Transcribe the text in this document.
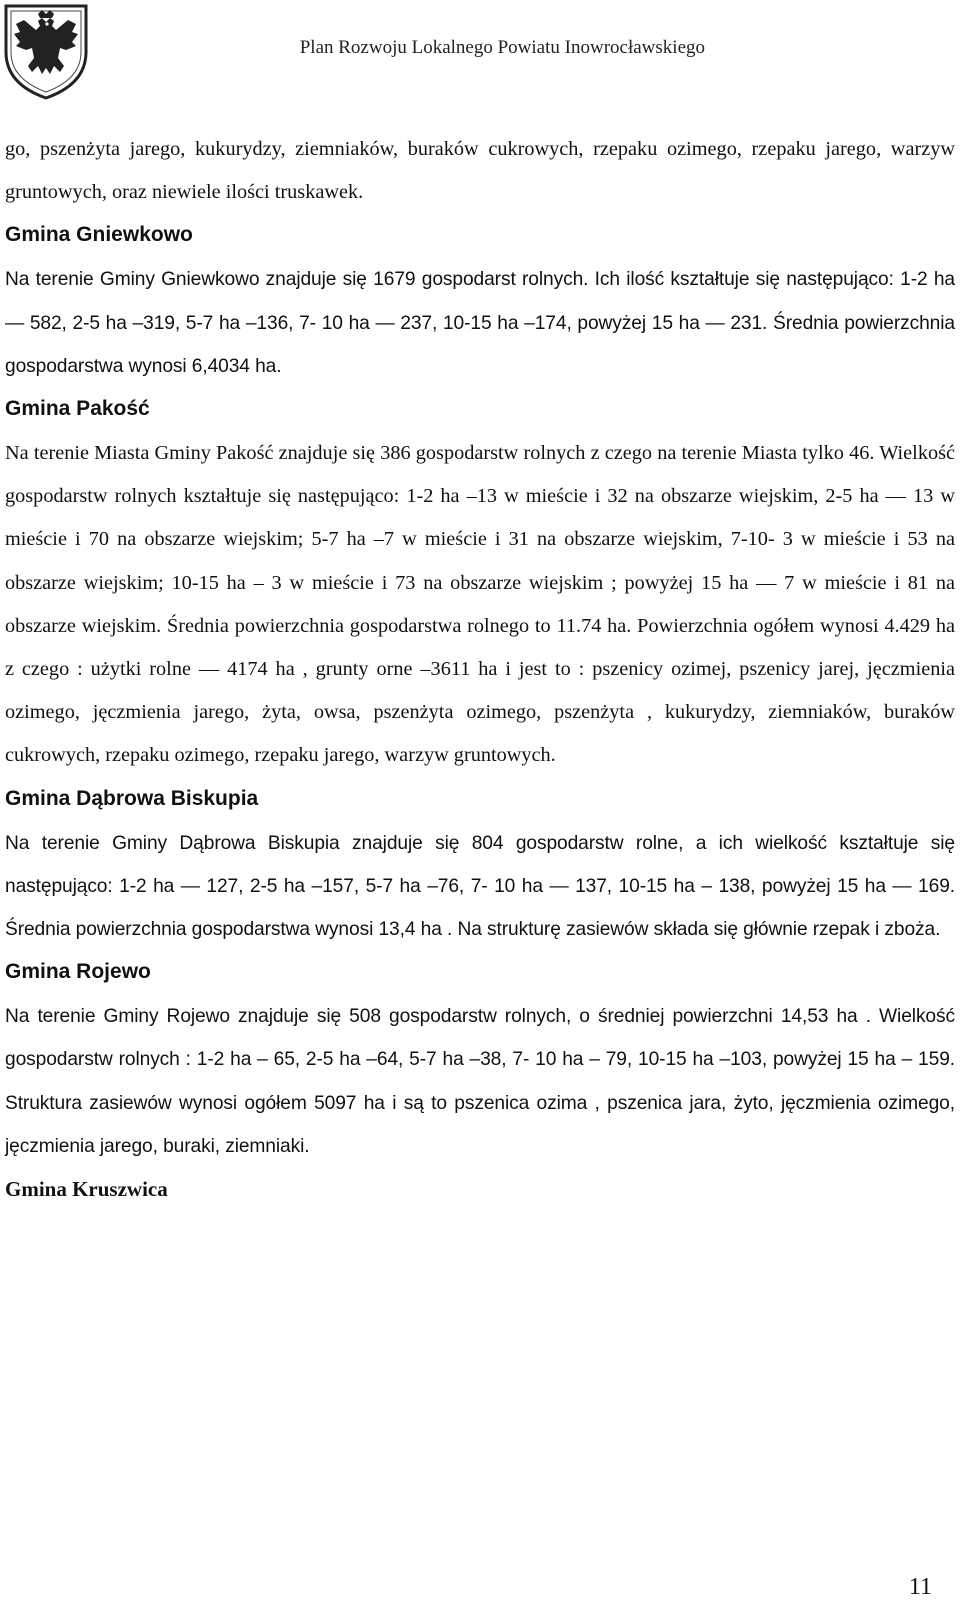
Plan Rozwoju Lokalnego Powiatu Inowrocławskiego

go, pszenżyta jarego, kukurydzy, ziemniaków, buraków cukrowych, rzepaku ozimego, rzepaku jarego, warzyw gruntowych, oraz niewiele ilości truskawek.

Gmina Gniewkowo

Na terenie Gminy Gniewkowo znajduje się 1679 gospodarst rolnych. Ich ilość kształtuje się następująco: 1-2 ha — 582, 2-5 ha –319, 5-7 ha –136, 7- 10 ha — 237, 10-15 ha –174, powyżej 15 ha — 231. Średnia powierzchnia gospodarstwa wynosi 6,4034 ha.

Gmina Pakość

Na terenie Miasta Gminy Pakość znajduje się 386 gospodarstw rolnych z czego na terenie Miasta tylko 46. Wielkość gospodarstw rolnych kształtuje się następująco: 1-2 ha –13 w mieście i 32 na obszarze wiejskim, 2-5 ha — 13 w mieście i 70 na obszarze wiejskim; 5-7 ha –7 w mieście i 31 na obszarze wiejskim, 7-10- 3 w mieście i 53 na obszarze wiejskim; 10-15 ha – 3 w mieście i 73 na obszarze wiejskim ; powyżej 15 ha — 7 w mieście i 81 na obszarze wiejskim. Średnia powierzchnia gospodarstwa rolnego to 11.74 ha. Powierzchnia ogółem wynosi 4.429 ha z czego : użytki rolne — 4174 ha , grunty orne –3611 ha i jest to : pszenicy ozimej, pszenicy jarej, jęczmienia ozimego, jęczmienia jarego, żyta, owsa, pszenżyta ozimego, pszenżyta , kukurydzy, ziemniaków, buraków cukrowych, rzepaku ozimego, rzepaku jarego, warzyw gruntowych.

Gmina Dąbrowa Biskupia

Na terenie Gminy Dąbrowa Biskupia znajduje się 804 gospodarstw rolne, a ich wielkość kształtuje się następująco: 1-2 ha — 127, 2-5 ha –157, 5-7 ha –76, 7- 10 ha — 137, 10-15 ha – 138, powyżej 15 ha — 169. Średnia powierzchnia gospodarstwa wynosi 13,4 ha . Na strukturę zasiewów składa się głównie rzepak i zboża.

Gmina Rojewo

Na terenie Gminy Rojewo znajduje się 508 gospodarstw rolnych, o średniej powierzchni 14,53 ha . Wielkość gospodarstw rolnych : 1-2 ha – 65, 2-5 ha –64, 5-7 ha –38, 7- 10 ha – 79, 10-15 ha –103, powyżej 15 ha – 159. Struktura zasiewów wynosi ogółem 5097 ha i są to pszenica ozima , pszenica jara, żyto, jęczmienia ozimego, jęczmienia jarego, buraki, ziemniaki.

Gmina Kruszwica
11
